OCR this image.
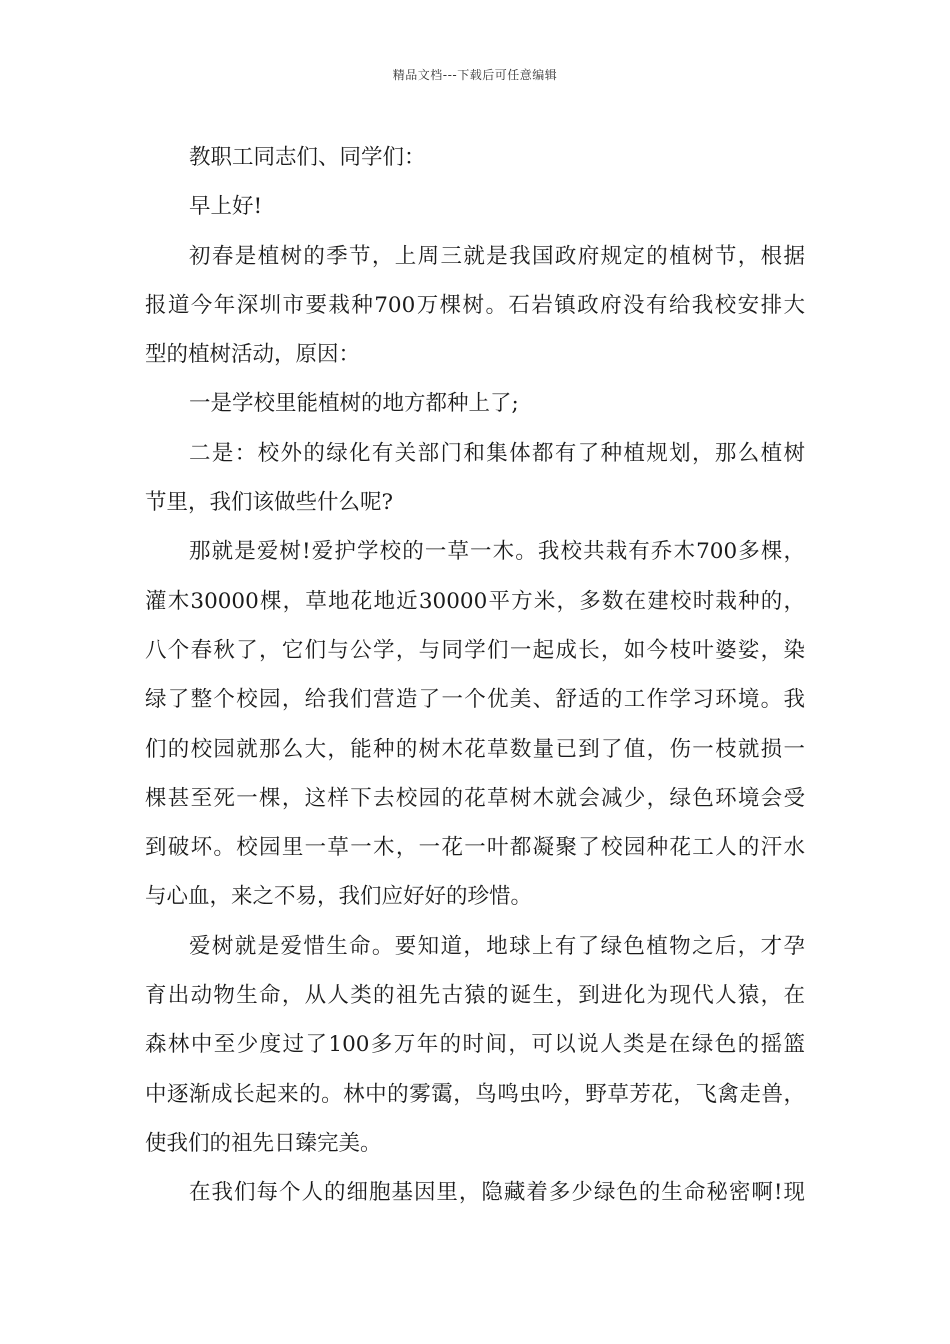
精品文档---下载后可任意编辑
教职工同志们、同学们：
早上好!
初春是植树的季节，上周三就是我国政府规定的植树节，根据
报道今年深圳市要栽种700万棵树。石岩镇政府没有给我校安排大
型的植树活动，原因：
一是学校里能植树的地方都种上了;
二是：校外的绿化有关部门和集体都有了种植规划，那么植树
节里，我们该做些什么呢?
那就是爱树!爱护学校的一草一木。我校共栽有乔木700多棵，
灌木30000棵，草地花地近30000平方米，多数在建校时栽种的，
八个春秋了，它们与公学，与同学们一起成长，如今枝叶婆娑，染
绿了整个校园，给我们营造了一个优美、舒适的工作学习环境。我
们的校园就那么大，能种的树木花草数量已到了值，伤一枝就损一
棵甚至死一棵，这样下去校园的花草树木就会减少，绿色环境会受
到破坏。校园里一草一木，一花一叶都凝聚了校园种花工人的汗水
与心血，来之不易，我们应好好的珍惜。
爱树就是爱惜生命。要知道，地球上有了绿色植物之后，才孕
育出动物生命，从人类的祖先古猿的诞生，到进化为现代人猿，在
森林中至少度过了100多万年的时间，可以说人类是在绿色的摇篮
中逐渐成长起来的。林中的雾霭，鸟鸣虫吟，野草芳花，飞禽走兽，
使我们的祖先日臻完美。
在我们每个人的细胞基因里，隐藏着多少绿色的生命秘密啊!现
